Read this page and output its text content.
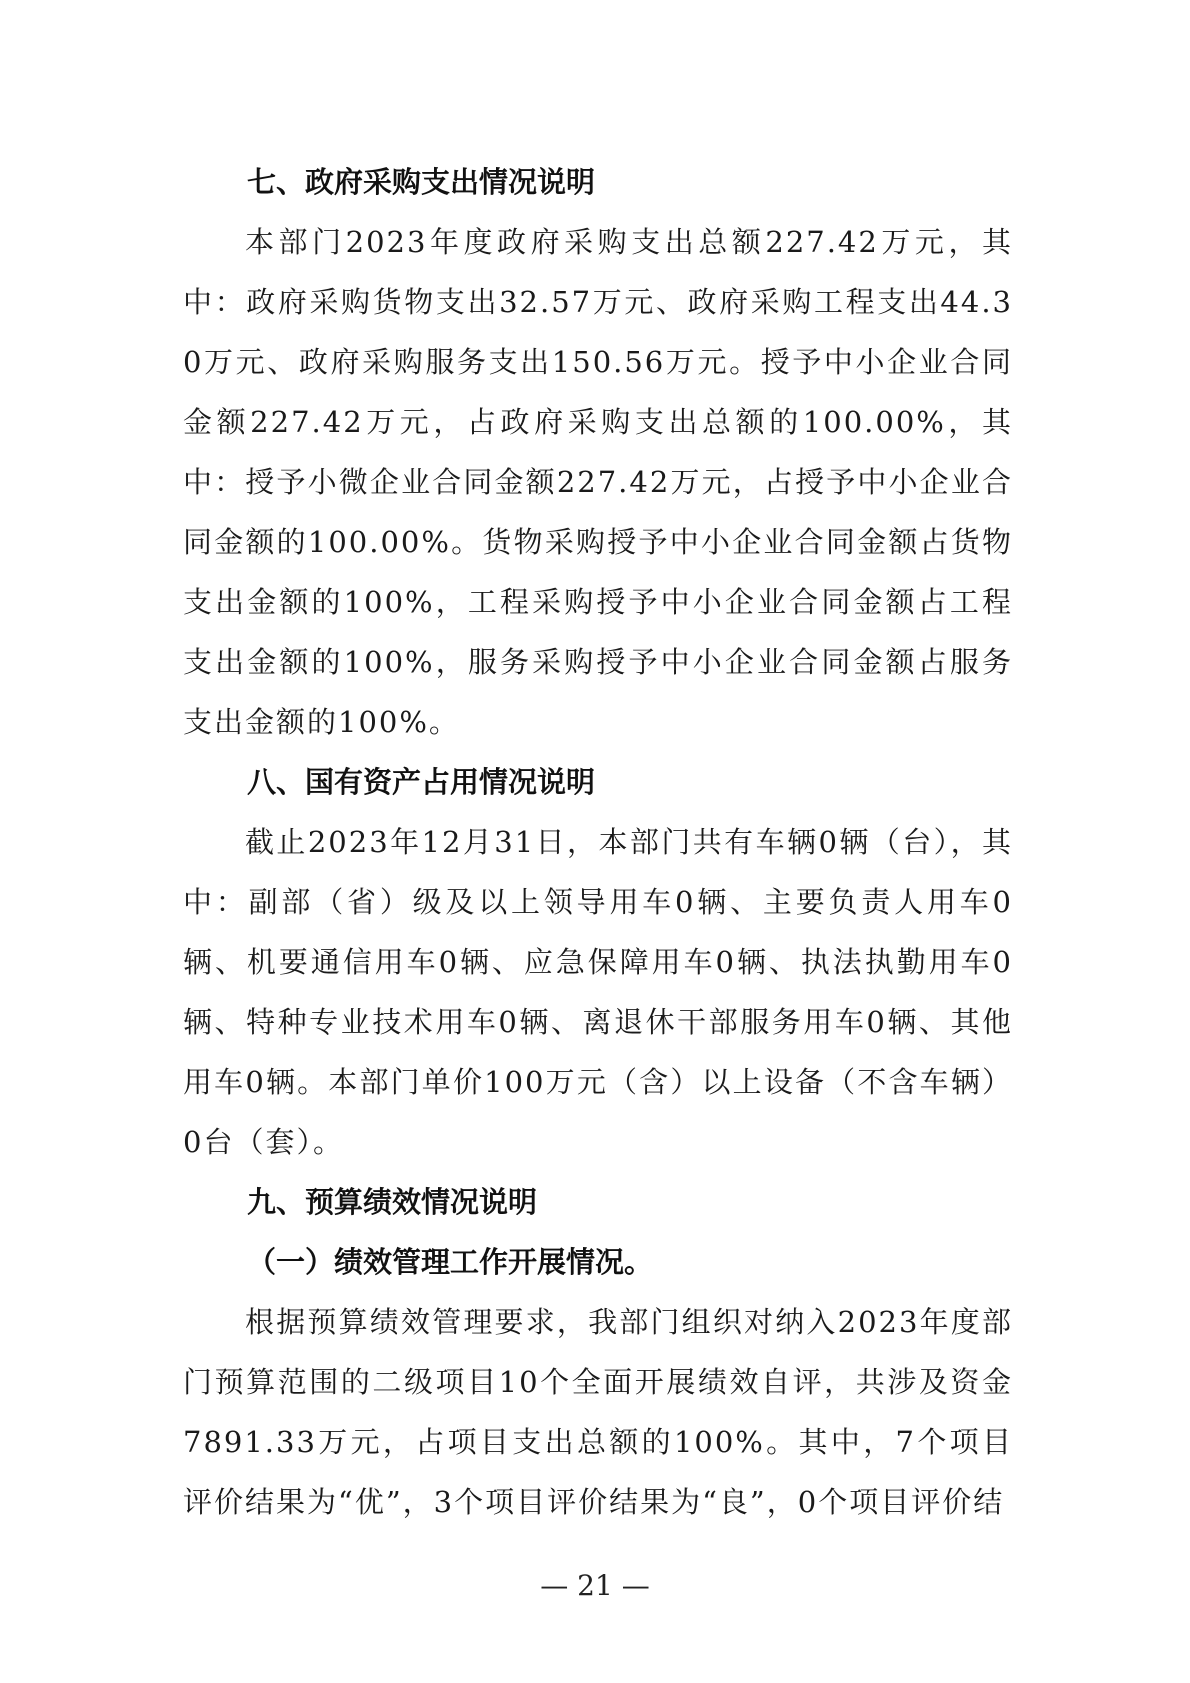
七、政府采购支出情况说明

本部门2023年度政府采购支出总额227.42万元，其中：政府采购货物支出32.57万元、政府采购工程支出44.30万元、政府采购服务支出150.56万元。授予中小企业合同金额227.42万元，占政府采购支出总额的100.00%，其中：授予小微企业合同金额227.42万元，占授予中小企业合同金额的100.00%。货物采购授予中小企业合同金额占货物支出金额的100%，工程采购授予中小企业合同金额占工程支出金额的100%，服务采购授予中小企业合同金额占服务支出金额的100%。

八、国有资产占用情况说明

截止2023年12月31日，本部门共有车辆0辆（台），其中：副部（省）级及以上领导用车0辆、主要负责人用车0辆、机要通信用车0辆、应急保障用车0辆、执法执勤用车0辆、特种专业技术用车0辆、离退休干部服务用车0辆、其他用车0辆。本部门单价100万元（含）以上设备（不含车辆）0台（套）。

九、预算绩效情况说明
（一）绩效管理工作开展情况。

根据预算绩效管理要求，我部门组织对纳入2023年度部门预算范围的二级项目10个全面开展绩效自评，共涉及资金7891.33万元，占项目支出总额的100%。其中，7个项目评价结果为“优”，3个项目评价结果为“良”，0个项目评价结

— 21 —
